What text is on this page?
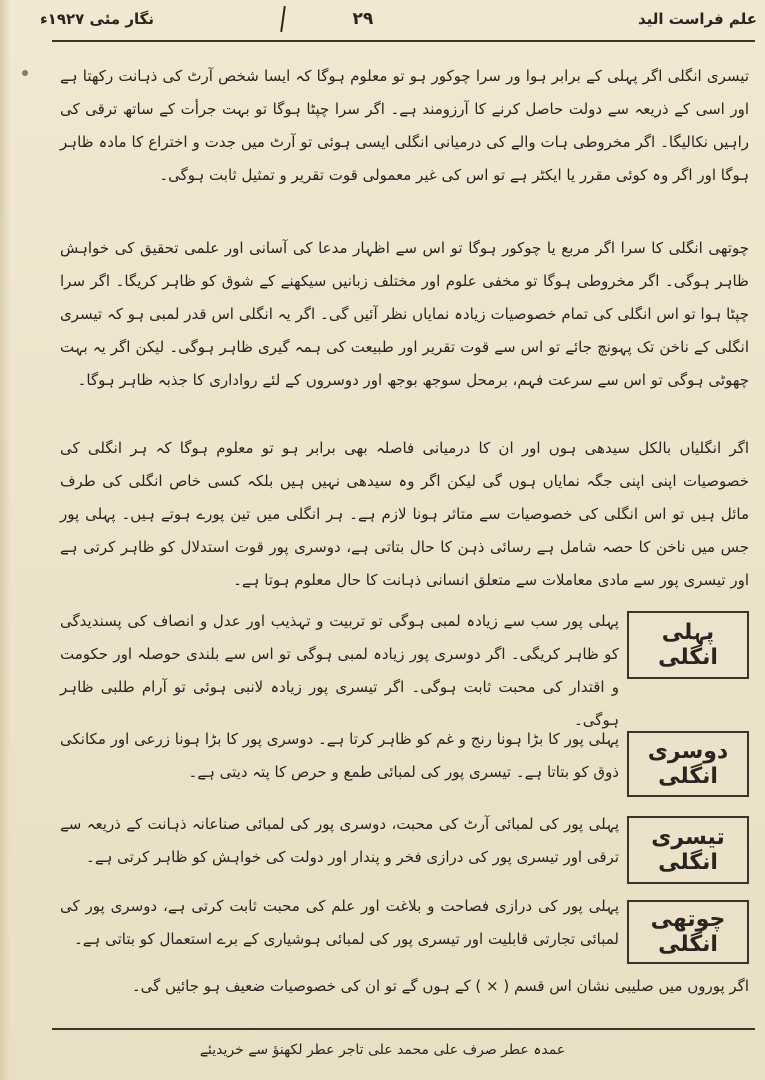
علم فراست الید
۲۹
نگار مئی ۱۹۲۷ء
تیسری انگلی اگر پہلی کے برابر ہوا ور سرا چوکور ہو تو معلوم ہوگا کہ ایسا شخص آرٹ کی ذہانت رکھتا ہے اور اسی کے ذریعہ سے دولت حاصل کرنے کا آرزومند ہے۔ اگر سرا چپٹا ہوگا تو بہت جرأت کے ساتھ ترقی کی راہیں نکالیگا۔ اگر مخروطی ہات والے کی درمیانی انگلی ایسی ہوئی تو آرٹ میں جدت و اختراع کا مادہ ظاہر ہوگا اور اگر وہ کوئی مقرر یا ایکٹر ہے تو اس کی غیر معمولی قوت تقریر و تمثیل ثابت ہوگی۔
چوتھی انگلی کا سرا اگر مربع یا چوکور ہوگا تو اس سے اظہار مدعا کی آسانی اور علمی تحقیق کی خواہش ظاہر ہوگی۔ اگر مخروطی ہوگا تو مخفی علوم اور مختلف زبانیں سیکھنے کے شوق کو ظاہر کریگا۔ اگر سرا چپٹا ہوا تو اس انگلی کی تمام خصوصیات زیادہ نمایاں نظر آئیں گی۔ اگر یہ انگلی اس قدر لمبی ہو کہ تیسری انگلی کے ناخن تک پہونچ جائے تو اس سے قوت تقریر اور طبیعت کی ہمہ گیری ظاہر ہوگی۔ لیکن اگر یہ بہت چھوٹی ہوگی تو اس سے سرعت فہم، برمحل سوجھ بوجھ اور دوسروں کے لئے رواداری کا جذبہ ظاہر ہوگا۔
اگر انگلیاں بالکل سیدھی ہوں اور ان کا درمیانی فاصلہ بھی برابر ہو تو معلوم ہوگا کہ ہر انگلی کی خصوصیات اپنی اپنی جگہ نمایاں ہوں گی لیکن اگر وہ سیدھی نہیں ہیں بلکہ کسی خاص انگلی کی طرف مائل ہیں تو اس انگلی کی خصوصیات سے متاثر ہونا لازم ہے۔ ہر انگلی میں تین پورے ہوتے ہیں۔ پہلی پور جس میں ناخن کا حصہ شامل ہے رسائی ذہن کا حال بتاتی ہے، دوسری پور قوت استدلال کو ظاہر کرتی ہے اور تیسری پور سے مادی معاملات سے متعلق انسانی ذہانت کا حال معلوم ہوتا ہے۔
پہلی انگلی
پہلی پور سب سے زیادہ لمبی ہوگی تو تربیت و تہذیب اور عدل و انصاف کی پسندیدگی کو ظاہر کریگی۔ اگر دوسری پور زیادہ لمبی ہوگی تو اس سے بلندی حوصلہ اور حکومت و اقتدار کی محبت ثابت ہوگی۔ اگر تیسری پور زیادہ لانبی ہوئی تو آرام طلبی ظاہر ہوگی۔
دوسری انگلی
پہلی پور کا بڑا ہونا رنج و غم کو ظاہر کرتا ہے۔ دوسری پور کا بڑا ہونا زرعی اور مکانکی ذوق کو بتاتا ہے۔ تیسری پور کی لمبائی طمع و حرص کا پتہ دیتی ہے۔
تیسری انگلی
پہلی پور کی لمبائی آرٹ کی محبت، دوسری پور کی لمبائی صناعانہ ذہانت کے ذریعہ سے ترقی اور تیسری پور کی درازی فخر و پندار اور دولت کی خواہش کو ظاہر کرتی ہے۔
چوتھی انگلی
پہلی پور کی درازی فصاحت و بلاغت اور علم کی محبت ثابت کرتی ہے، دوسری پور کی لمبائی تجارتی قابلیت اور تیسری پور کی لمبائی ہوشیاری کے برے استعمال کو بتاتی ہے۔
اگر پوروں میں صلیبی نشان اس قسم ( × ) کے ہوں گے تو ان کی خصوصیات ضعیف ہو جائیں گی۔
عمدہ عطر صرف علی محمد علی تاجر عطر لکھنؤ سے خریدیئے
